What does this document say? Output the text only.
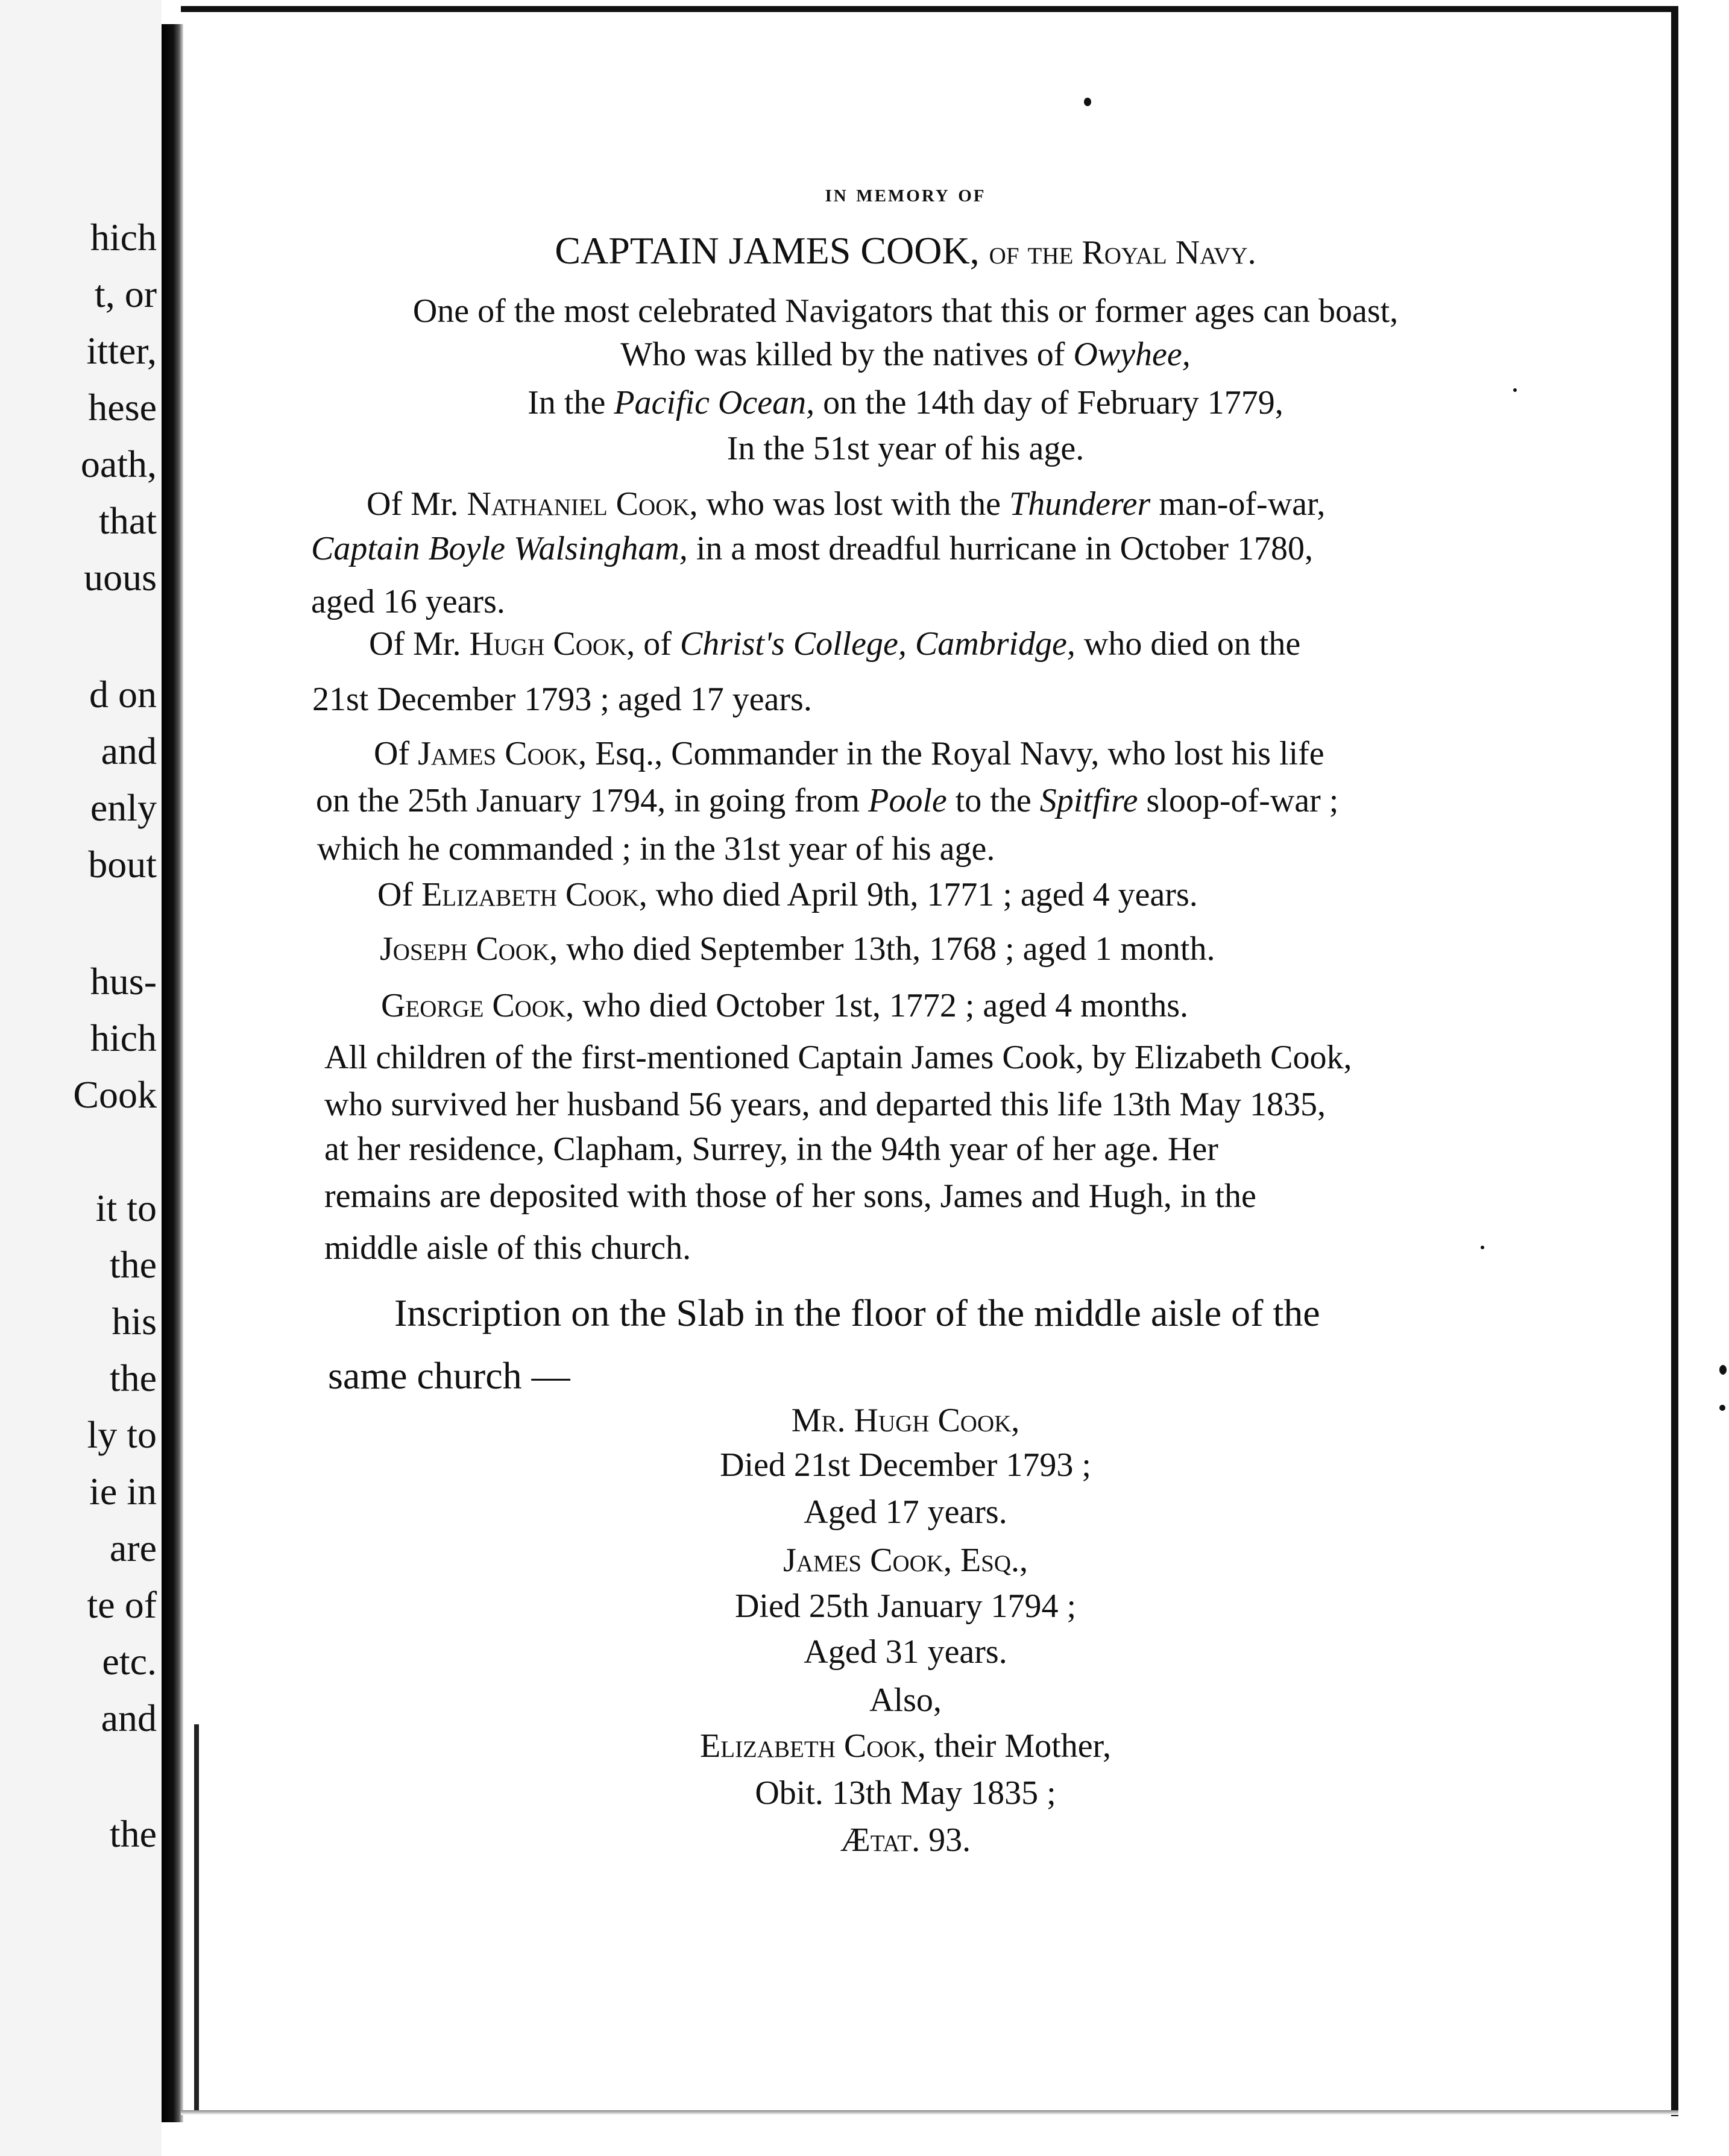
hich
t, or
itter,
hese
oath,
that
uous
d on
and
enly
bout
hus-
hich
Cook
it to
the
his
the
ly to
ie in
are
te of
etc.
and
the
in memory of
CAPTAIN JAMES COOK, of the Royal Navy.
One of the most celebrated Navigators that this or former ages can boast,
Who was killed by the natives of Owyhee,
In the Pacific Ocean, on the 14th day of February 1779,
In the 51st year of his age.
Of Mr. Nathaniel Cook, who was lost with the Thunderer man-of-war,
Captain Boyle Walsingham, in a most dreadful hurricane in October 1780,
aged 16 years.
Of Mr. Hugh Cook, of Christ's College, Cambridge, who died on the
21st December 1793 ; aged 17 years.
Of James Cook, Esq., Commander in the Royal Navy, who lost his life
on the 25th January 1794, in going from Poole to the Spitfire sloop-of-war ;
which he commanded ; in the 31st year of his age.
Of Elizabeth Cook, who died April 9th, 1771 ; aged 4 years.
Joseph Cook, who died September 13th, 1768 ; aged 1 month.
George Cook, who died October 1st, 1772 ; aged 4 months.
All children of the first-mentioned Captain James Cook, by Elizabeth Cook,
who survived her husband 56 years, and departed this life 13th May 1835,
at her residence, Clapham, Surrey, in the 94th year of her age. Her
remains are deposited with those of her sons, James and Hugh, in the
middle aisle of this church.
Inscription on the Slab in the floor of the middle aisle of the
same church —
Mr. Hugh Cook,
Died 21st December 1793 ;
Aged 17 years.
James Cook, Esq.,
Died 25th January 1794 ;
Aged 31 years.
Also,
Elizabeth Cook, their Mother,
Obit. 13th May 1835 ;
Ætat. 93.
